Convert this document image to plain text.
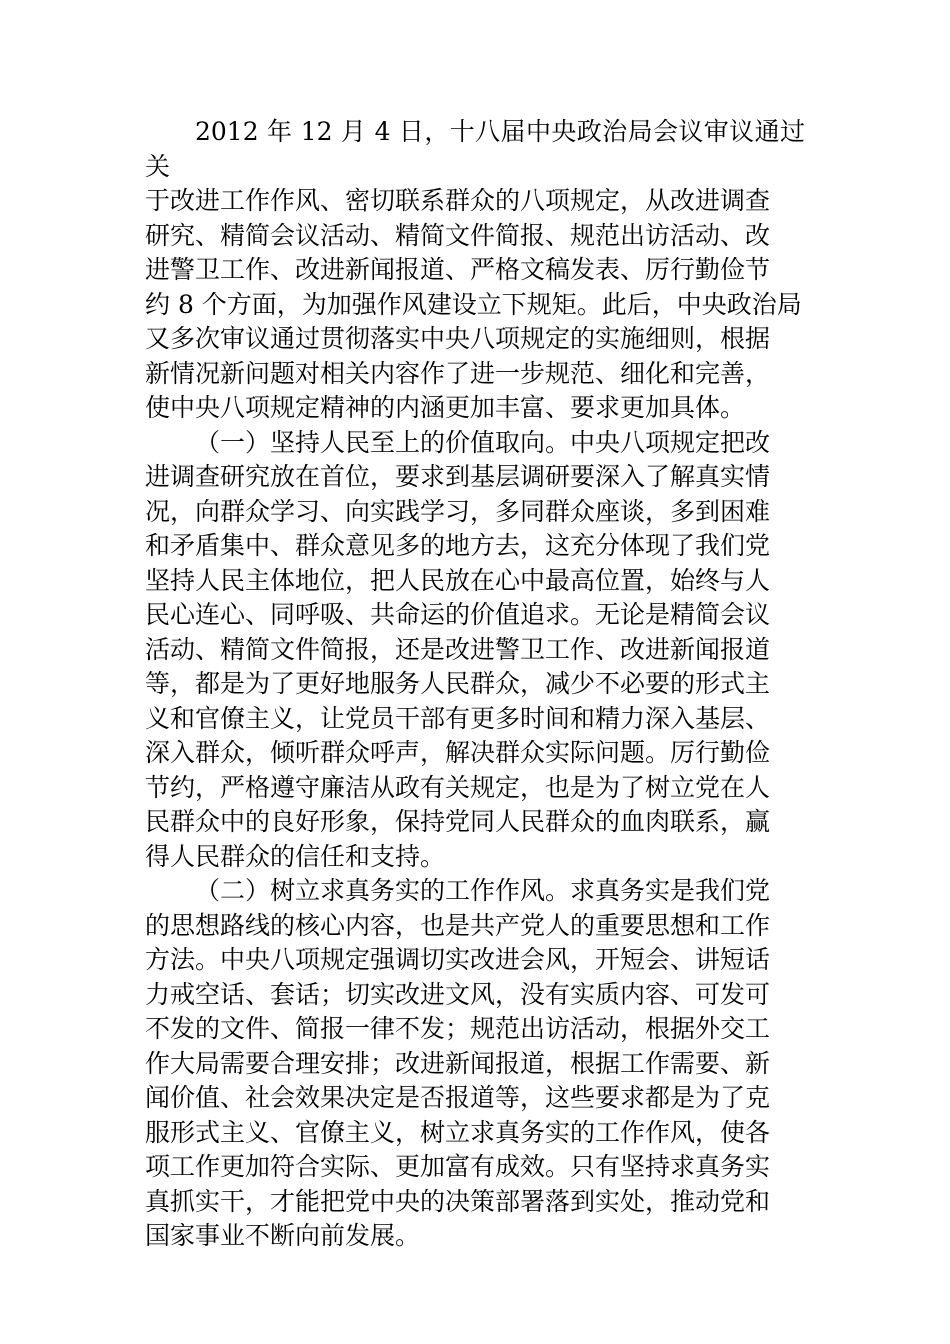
2012 年 12 月 4 日，十八届中央政治局会议审议通过关
于改进工作作风、密切联系群众的八项规定，从改进调查
研究、精简会议活动、精简文件简报、规范出访活动、改
进警卫工作、改进新闻报道、严格文稿发表、厉行勤俭节
约 8 个方面，为加强作风建设立下规矩。此后，中央政治局
又多次审议通过贯彻落实中央八项规定的实施细则，根据
新情况新问题对相关内容作了进一步规范、细化和完善，
使中央八项规定精神的内涵更加丰富、要求更加具体。

（一）坚持人民至上的价值取向。中央八项规定把改
进调查研究放在首位，要求到基层调研要深入了解真实情
况，向群众学习、向实践学习，多同群众座谈，多到困难
和矛盾集中、群众意见多的地方去，这充分体现了我们党
坚持人民主体地位，把人民放在心中最高位置，始终与人
民心连心、同呼吸、共命运的价值追求。无论是精简会议
活动、精简文件简报，还是改进警卫工作、改进新闻报道
等，都是为了更好地服务人民群众，减少不必要的形式主
义和官僚主义，让党员干部有更多时间和精力深入基层、
深入群众，倾听群众呼声，解决群众实际问题。厉行勤俭
节约，严格遵守廉洁从政有关规定，也是为了树立党在人
民群众中的良好形象，保持党同人民群众的血肉联系，赢
得人民群众的信任和支持。

（二）树立求真务实的工作作风。求真务实是我们党
的思想路线的核心内容，也是共产党人的重要思想和工作
方法。中央八项规定强调切实改进会风，开短会、讲短话
力戒空话、套话；切实改进文风，没有实质内容、可发可
不发的文件、简报一律不发；规范出访活动，根据外交工
作大局需要合理安排；改进新闻报道，根据工作需要、新
闻价值、社会效果决定是否报道等，这些要求都是为了克
服形式主义、官僚主义，树立求真务实的工作作风，使各
项工作更加符合实际、更加富有成效。只有坚持求真务实
真抓实干，才能把党中央的决策部署落到实处，推动党和
国家事业不断向前发展。
